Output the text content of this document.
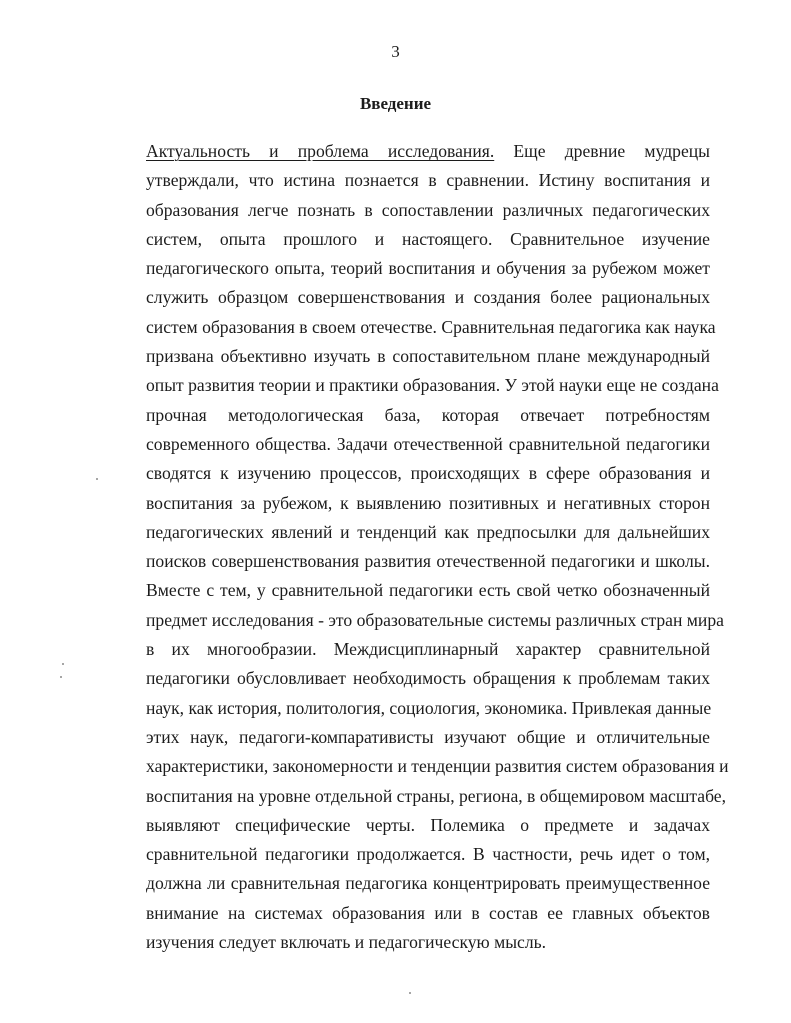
3
Введение
Актуальность и проблема исследования. Еще древние мудрецы
утверждали, что истина познается в сравнении. Истину воспитания и
образования легче познать в сопоставлении различных педагогических
систем, опыта прошлого и настоящего. Сравнительное изучение
педагогического опыта, теорий воспитания и обучения за рубежом может
служить образцом совершенствования и создания более рациональных
систем образования в своем отечестве. Сравнительная педагогика как наука
призвана объективно изучать в сопоставительном плане международный
опыт развития теории и практики образования. У этой науки еще не создана
прочная методологическая база, которая отвечает потребностям
современного общества. Задачи отечественной сравнительной педагогики
сводятся к изучению процессов, происходящих в сфере образования и
воспитания за рубежом, к выявлению позитивных и негативных сторон
педагогических явлений и тенденций как предпосылки для дальнейших
поисков совершенствования развития отечественной педагогики и школы.
Вместе с тем, у сравнительной педагогики есть свой четко обозначенный
предмет исследования - это образовательные системы различных стран мира
в их многообразии. Междисциплинарный характер сравнительной
педагогики обусловливает необходимость обращения к проблемам таких
наук, как история, политология, социология, экономика. Привлекая данные
этих наук, педагоги-компаративисты изучают общие и отличительные
характеристики, закономерности и тенденции развития систем образования и
воспитания на уровне отдельной страны, региона, в общемировом масштабе,
выявляют специфические черты. Полемика о предмете и задачах
сравнительной педагогики продолжается. В частности, речь идет о том,
должна ли сравнительная педагогика концентрировать преимущественное
внимание на системах образования или в состав ее главных объектов
изучения следует включать и педагогическую мысль.
